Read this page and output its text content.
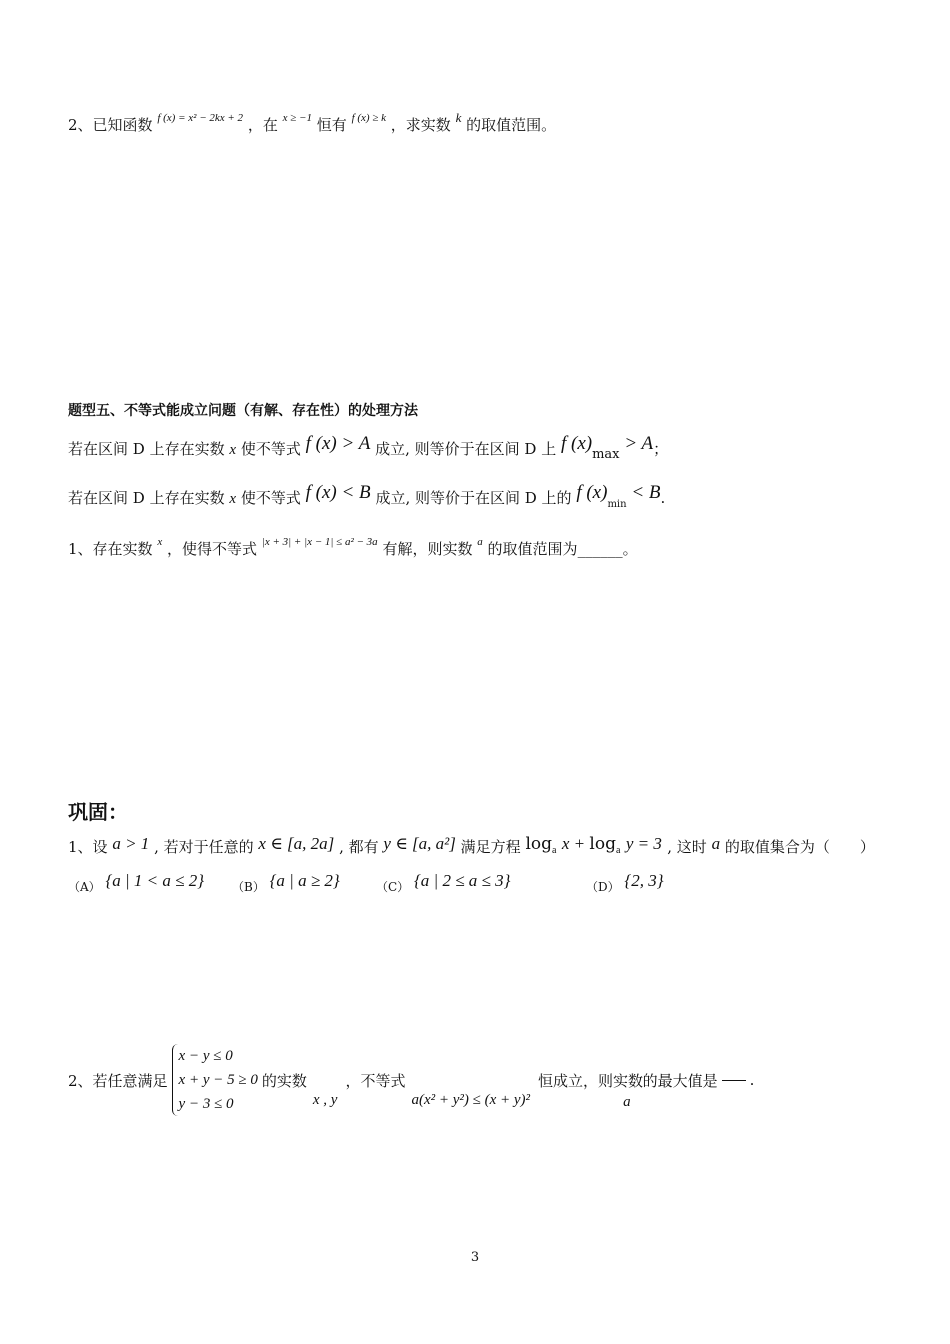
2、已知函数 $^{f (x) = x^2 - 2kx + 2}$ ，在 $^{x \ge -1}$ 恒有 $^{f (x) \ge k}$ ，求实数 k 的取值范围。
题型五、不等式能成立问题（有解、存在性）的处理方法
若在区间 D 上存在实数 x 使不等式 f (x) > A 成立, 则等价于在区间 D 上 f (x)max > A；
若在区间 D 上存在实数 x 使不等式 f (x) < B 成立, 则等价于在区间 D 上的 f $(x)_{min} < B$.
1、存在实数 $^x$ ，使得不等式 $^{|x + 3| + |x - 1| \le a^2 - 3a}$ 有解，则实数 $^a$ 的取值范围为______。
巩固：
1、设 a > 1 , 若对于任意的 x ∈ [a, 2a] , 都有 y ∈ [a, a²] 满足方程 $\log_a x + \log_a y = 3$ , 这时 a 的取值集合为（　　）
（A） {a | 1 < a ≤ 2} （B） {a | a ≥ 2}	（C） {a | 2 ≤ a ≤ 3}	（D） {2, 3}
2、若任意满足
x − y ≤ 0
x + y − 5 ≥ 0
y − 3 ≤ 0
的实数
x , y
，不等式
a(x² + y²) ≤ (x + y)²
恒成立，则实数
a
的最大值是 .
3
